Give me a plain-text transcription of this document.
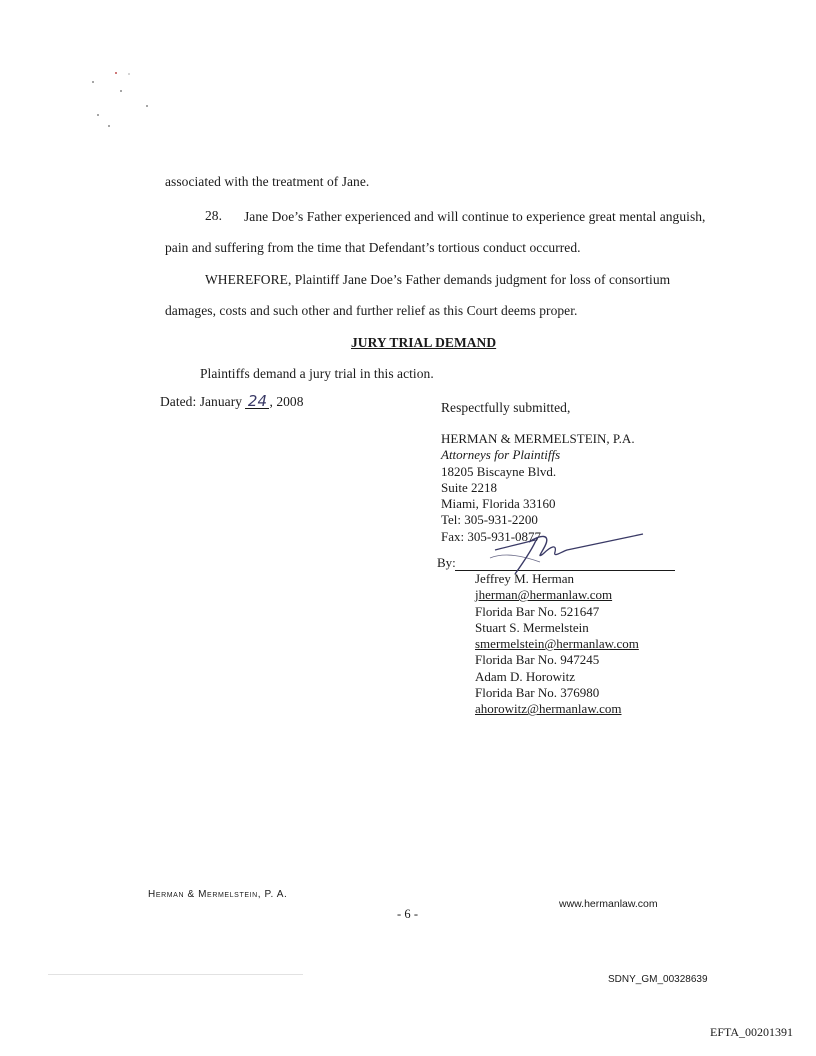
associated with the treatment of Jane.
28. Jane Doe’s Father experienced and will continue to experience great mental anguish,
pain and suffering from the time that Defendant’s tortious conduct occurred.
WHEREFORE, Plaintiff Jane Doe’s Father demands judgment for loss of consortium
damages, costs and such other and further relief as this Court deems proper.
JURY TRIAL DEMAND
Plaintiffs demand a jury trial in this action.
Dated: January 24 , 2008	Respectfully submitted,
HERMAN & MERMELSTEIN, P.A.
Attorneys for Plaintiffs
18205 Biscayne Blvd.
Suite 2218
Miami, Florida 33160
Tel: 305-931-2200
Fax: 305-931-0877
By:
Jeffrey M. Herman
jherman@hermanlaw.com
Florida Bar No. 521647
Stuart S. Mermelstein
smermelstein@hermanlaw.com
Florida Bar No. 947245
Adam D. Horowitz
Florida Bar No. 376980
ahorowitz@hermanlaw.com
Herman & Mermelstein, P. A.
www.hermanlaw.com
- 6 -
SDNY_GM_00328639
EFTA_00201391
